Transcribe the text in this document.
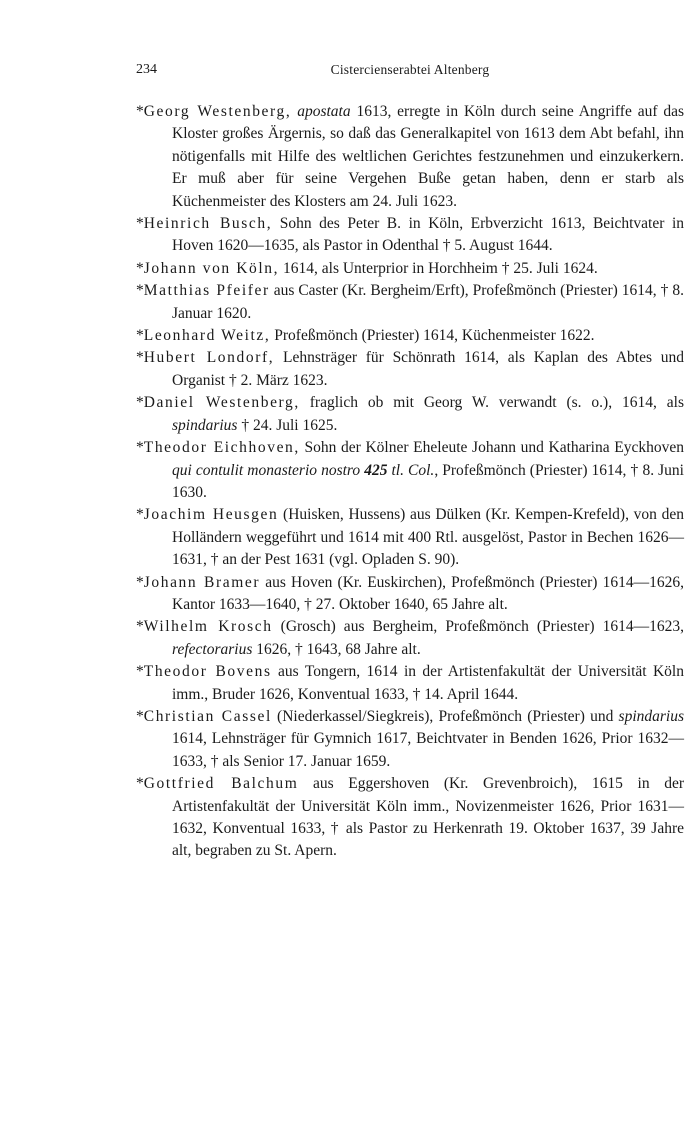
234	Cistercienserabtei Altenberg
*Georg Westenberg, apostata 1613, erregte in Köln durch seine Angriffe auf das Kloster großes Ärgernis, so daß das Generalkapitel von 1613 dem Abt befahl, ihn nötigenfalls mit Hilfe des weltlichen Gerichtes festzunehmen und einzukerkern. Er muß aber für seine Vergehen Buße getan haben, denn er starb als Küchenmeister des Klosters am 24. Juli 1623.
*Heinrich Busch, Sohn des Peter B. in Köln, Erbverzicht 1613, Beichtvater in Hoven 1620—1635, als Pastor in Odenthal † 5. August 1644.
*Johann von Köln, 1614, als Unterprior in Horchheim † 25. Juli 1624.
*Matthias Pfeifer aus Caster (Kr. Bergheim/Erft), Profeßmönch (Priester) 1614, † 8. Januar 1620.
*Leonhard Weitz, Profeßmönch (Priester) 1614, Küchenmeister 1622.
*Hubert Londorf, Lehnsträger für Schönrath 1614, als Kaplan des Abtes und Organist † 2. März 1623.
*Daniel Westenberg, fraglich ob mit Georg W. verwandt (s. o.), 1614, als spindarius † 24. Juli 1625.
*Theodor Eichhoven, Sohn der Kölner Eheleute Johann und Katharina Eyckhoven qui contulit monasterio nostro 425 tl. Col., Profeßmönch (Priester) 1614, † 8. Juni 1630.
*Joachim Heusgen (Huisken, Hussens) aus Dülken (Kr. Kempen-Krefeld), von den Holländern weggeführt und 1614 mit 400 Rtl. ausgelöst, Pastor in Bechen 1626—1631, † an der Pest 1631 (vgl. Opladen S. 90).
*Johann Bramer aus Hoven (Kr. Euskirchen), Profeßmönch (Priester) 1614—1626, Kantor 1633—1640, † 27. Oktober 1640, 65 Jahre alt.
*Wilhelm Krosch (Grosch) aus Bergheim, Profeßmönch (Priester) 1614—1623, refectorarius 1626, † 1643, 68 Jahre alt.
*Theodor Bovens aus Tongern, 1614 in der Artistenfakultät der Universität Köln imm., Bruder 1626, Konventual 1633, † 14. April 1644.
*Christian Cassel (Niederkassel/Siegkreis), Profeßmönch (Priester) und spindarius 1614, Lehnsträger für Gymnich 1617, Beichtvater in Benden 1626, Prior 1632—1633, † als Senior 17. Januar 1659.
*Gottfried Balchum aus Eggershoven (Kr. Grevenbroich), 1615 in der Artistenfakultät der Universität Köln imm., Novizenmeister 1626, Prior 1631—1632, Konventual 1633, † als Pastor zu Herkenrath 19. Oktober 1637, 39 Jahre alt, begraben zu St. Apern.
